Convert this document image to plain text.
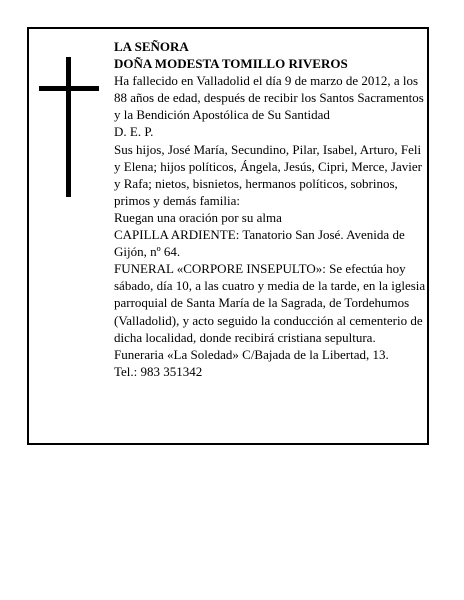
LA SEÑORA

DOÑA MODESTA TOMILLO RIVEROS

Ha fallecido en Valladolid el día 9 de marzo de 2012, a los 88 años de edad, después de recibir los Santos Sacramentos y la Bendición Apostólica de Su Santidad

D. E. P.

Sus hijos, José María, Secundino, Pilar, Isabel, Arturo, Feli y Elena; hijos políticos, Ángela, Jesús, Cipri, Merce, Javier y Rafa; nietos, bisnietos, hermanos políticos, sobrinos, primos y demás familia:

Ruegan una oración por su alma

CAPILLA ARDIENTE: Tanatorio San José. Avenida de Gijón, nº 64.

FUNERAL «CORPORE INSEPULTO»: Se efectúa hoy sábado, día 10, a las cuatro y media de la tarde, en la iglesia parroquial de Santa María de la Sagrada, de Tordehumos (Valladolid), y acto seguido la conducción al cementerio de dicha localidad, donde recibirá cristiana sepultura.

Funeraria «La Soledad» C/Bajada de la Libertad, 13.

Tel.: 983 351342
